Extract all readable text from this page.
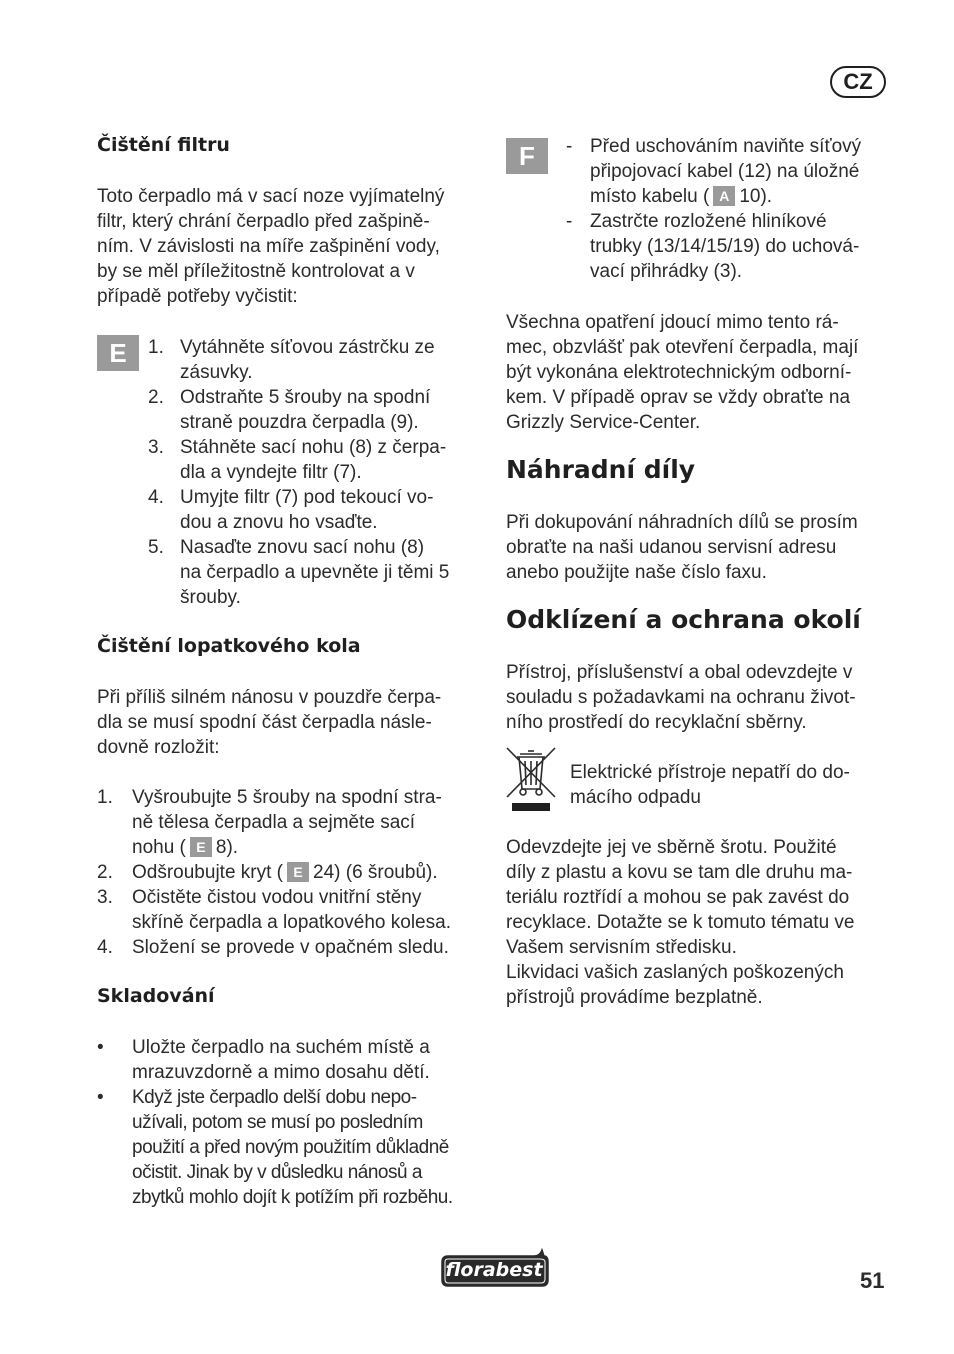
CZ
Čištění filtru
Toto čerpadlo má v sací noze vyjímatelný
filtr, který chrání čerpadlo před zašpině-
ním. V závislosti na míře zašpinění vody,
by se měl příležitostně kontrolovat a v
případě potřeby vyčistit:
E	1. Vytáhněte síťovou zástrčku ze
zásuvky.
2. Odstraňte 5 šrouby na spodní
straně pouzdra čerpadla (9).
3. Stáhněte sací nohu (8) z čerpa-
dla a vyndejte filtr (7).
4. Umyjte filtr (7) pod tekoucí vo-
dou a znovu ho vsaďte.
5. Nasaďte znovu sací nohu (8)
na čerpadlo a upevněte ji těmi 5
šrouby.
Čištění lopatkového kola
Při příliš silném nánosu v pouzdře čerpa-
dla se musí spodní část čerpadla násle-
dovně rozložit:
1.	Vyšroubujte 5 šrouby na spodní stra-
ně tělesa čerpadla a sejměte sací
nohu ( E 8).
2.	Odšroubujte kryt ( E 24) (6 šroubů).
3.	Očistěte čistou vodou vnitřní stěny
skříně čerpadla a lopatkového kolesa.
4.	Složení se provede v opačném sledu.
Skladování
•	Uložte čerpadlo na suchém místě a
mrazuvzdorně a mimo dosahu dětí.
•	Když jste čerpadlo delší dobu nepo-
užívali, potom se musí po posledním
použití a před novým použitím důkladně
očistit. Jinak by v důsledku nánosů a
zbytků mohlo dojít k potížím při rozběhu.
F	- Před uschováním naviňte síťový
připojovací kabel (12) na úložné
místo kabelu ( A 10).
- Zastrčte rozložené hliníkové
trubky (13/14/15/19) do uchová-
vací přihrádky (3).
Všechna opatření jdoucí mimo tento rá-
mec, obzvlášť pak otevření čerpadla, mají
být vykonána elektrotechnickým odborní-
kem. V případě oprav se vždy obraťte na
Grizzly Service-Center.
Náhradní díly
Při dokupování náhradních dílů se prosím
obraťte na naši udanou servisní adresu
anebo použijte naše číslo faxu.
Odklízení a ochrana okolí
Přístroj, příslušenství a obal odevzdejte v
souladu s požadavkami na ochranu život-
ního prostředí do recyklační sběrny.
Elektrické přístroje nepatří do do-
mácího odpadu
Odevzdejte jej ve sběrně šrotu. Použité
díly z plastu a kovu se tam dle druhu ma-
teriálu roztřídí a mohou se pak zavést do
recyklace. Dotažte se k tomuto tématu ve
Vašem servisním středisku.
Likvidaci vašich zaslaných poškozených
přístrojů provádíme bezplatně.
florabest	51
